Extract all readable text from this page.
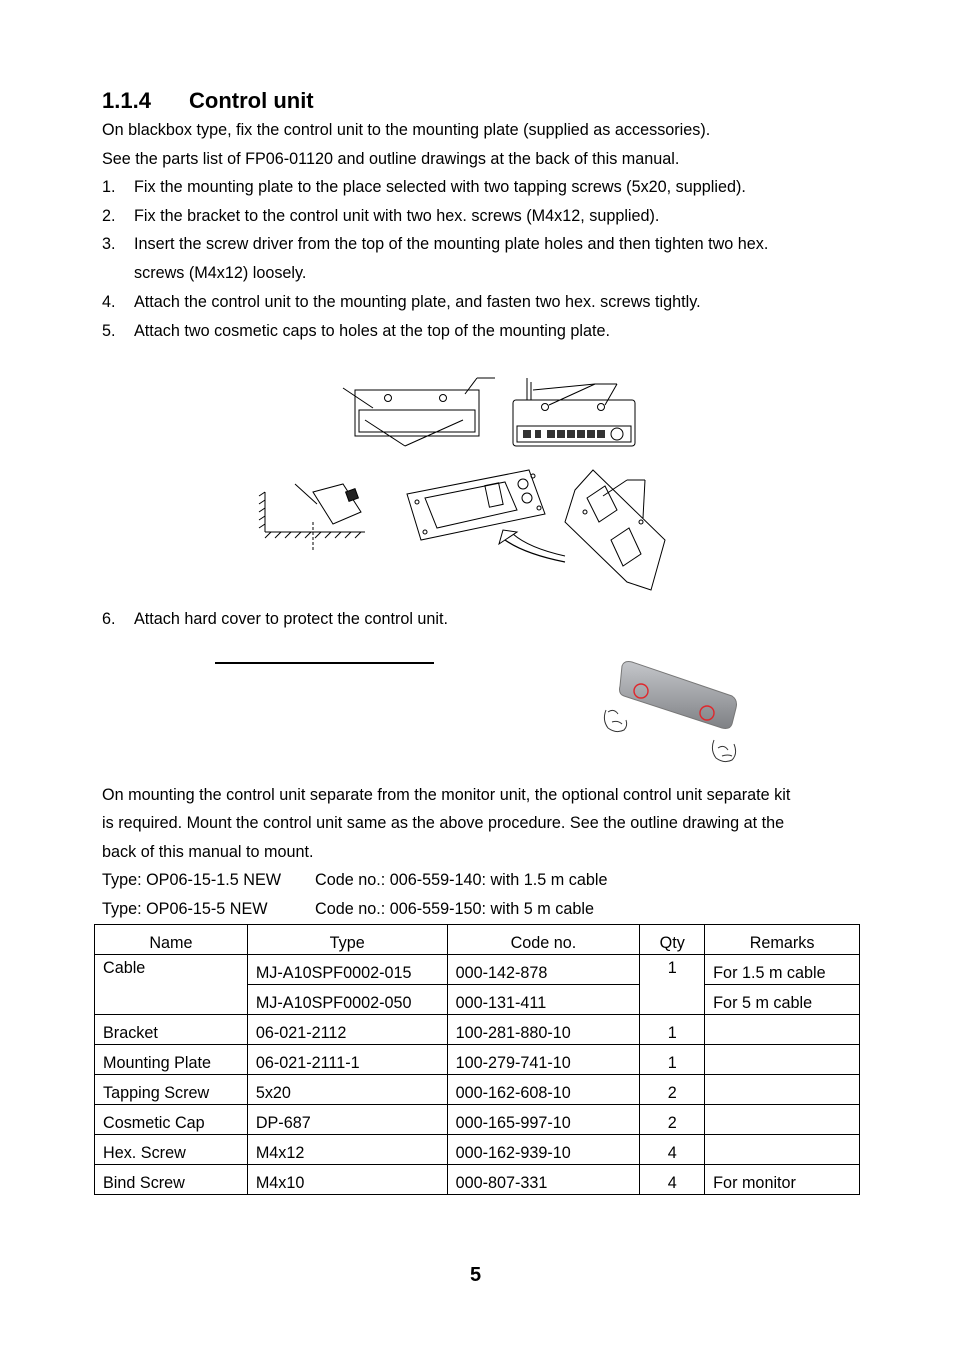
1.1.4 Control unit
On blackbox type, fix the control unit to the mounting plate (supplied as accessories).
See the parts list of FP06-01120 and outline drawings at the back of this manual.
1. Fix the mounting plate to the place selected with two tapping screws (5x20, supplied).
2. Fix the bracket to the control unit with two hex. screws (M4x12, supplied).
3. Insert the screw driver from the top of the mounting plate holes and then tighten two hex.
screws (M4x12) loosely.
4. Attach the control unit to the mounting plate, and fasten two hex. screws tightly.
5. Attach two cosmetic caps to holes at the top of the mounting plate.
6. Attach hard cover to protect the control unit.
On mounting the control unit separate from the monitor unit, the optional control unit separate kit
is required. Mount the control unit same as the above procedure. See the outline drawing at the
back of this manual to mount.
Type: OP06-15-1.5 NEW Code no.: 006-559-140: with 1.5 m cable
Type: OP06-15-5 NEW	Code no.: 006-559-150: with 5 m cable
Name	Type	Code no.	Qty	Remarks
Cable	MJ-A10SPF0002-015	000-142-878	1	For 1.5 m cable
	MJ-A10SPF0002-050	000-131-411		For 5 m cable
Bracket	06-021-2112	100-281-880-10	1	
Mounting Plate	06-021-2111-1	100-279-741-10	1	
Tapping Screw	5x20	000-162-608-10	2	
Cosmetic Cap	DP-687	000-165-997-10	2	
Hex. Screw	M4x12	000-162-939-10	4	
Bind Screw	M4x10	000-807-331	4	For monitor
5
